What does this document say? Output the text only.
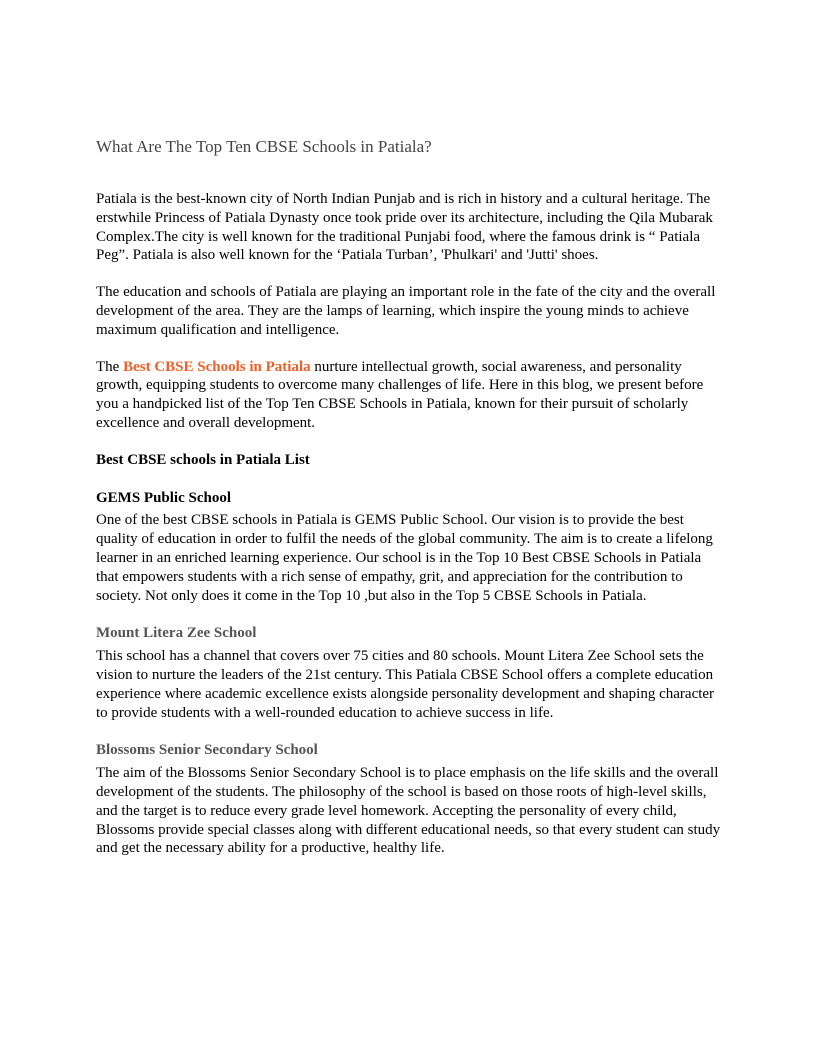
What Are The Top Ten CBSE Schools in Patiala?

Patiala is the best-known city of North Indian Punjab and is rich in history and a cultural heritage. The erstwhile Princess of Patiala Dynasty once took pride over its architecture, including the Qila Mubarak Complex.The city is well known for the traditional Punjabi food, where the famous drink is “ Patiala Peg”. Patiala is also well known for the ‘Patiala Turban’, 'Phulkari' and 'Jutti' shoes.

The education and schools of Patiala are playing an important role in the fate of the city and the overall development of the area. They are the lamps of learning, which inspire the young minds to achieve maximum qualification and intelligence.

The Best CBSE Schools in Patiala nurture intellectual growth, social awareness, and personality growth, equipping students to overcome many challenges of life. Here in this blog, we present before you a handpicked list of the Top Ten CBSE Schools in Patiala, known for their pursuit of scholarly excellence and overall development.

Best CBSE schools in Patiala List
GEMS Public School

One of the best CBSE schools in Patiala is GEMS Public School. Our vision is to provide the best quality of education in order to fulfil the needs of the global community. The aim is to create a lifelong learner in an enriched learning experience. Our school is in the Top 10 Best CBSE Schools in Patiala that empowers students with a rich sense of empathy, grit, and appreciation for the contribution to society. Not only does it come in the Top 10 ,but also in the Top 5 CBSE Schools in Patiala.

Mount Litera Zee School

This school has a channel that covers over 75 cities and 80 schools. Mount Litera Zee School sets the vision to nurture the leaders of the 21st century. This Patiala CBSE School offers a complete education experience where academic excellence exists alongside personality development and shaping character to provide students with a well-rounded education to achieve success in life.

Blossoms Senior Secondary School

The aim of the Blossoms Senior Secondary School is to place emphasis on the life skills and the overall development of the students. The philosophy of the school is based on those roots of high-level skills, and the target is to reduce every grade level homework. Accepting the personality of every child, Blossoms provide special classes along with different educational needs, so that every student can study and get the necessary ability for a productive, healthy life.
